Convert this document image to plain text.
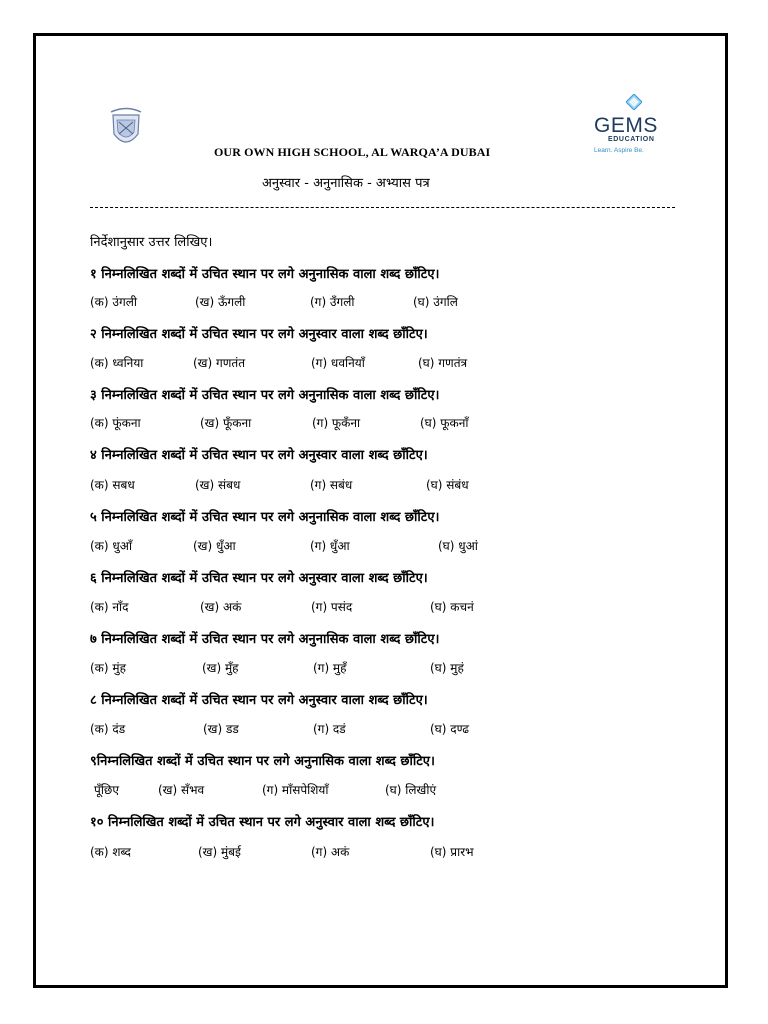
OUR OWN HIGH SCHOOL, AL WARQA’A DUBAI
अनुस्वार - अनुनासिक - अभ्यास पत्र
GEMS
EDUCATION
Learn. Aspire Be.
निर्देशानुसार उत्तर लिखिए।
१ निम्नलिखित शब्दों में उचित स्थान पर लगे अनुनासिक वाला शब्द छाँटिए।
(क) उंगली	(ख) ऊँगली	(ग) उँगली	(घ) उंगलि
२ निम्नलिखित शब्दों में उचित स्थान पर लगे अनुस्वार वाला शब्द छाँटिए।
(क) ध्वनिया	(ख) गणतंत	(ग) धवनियाँ	(घ) गणतंत्र
३ निम्नलिखित शब्दों में उचित स्थान पर लगे अनुनासिक वाला शब्द छाँटिए।
(क) फूंकना	(ख) फूँकना	(ग) फूकँना	(घ) फूकनाँ
४ निम्नलिखित शब्दों में उचित स्थान पर लगे अनुस्वार वाला शब्द छाँटिए।
(क) सबध	(ख) संबध	(ग) सबंध	(घ) संबंध
५ निम्नलिखित शब्दों में उचित स्थान पर लगे अनुनासिक वाला शब्द छाँटिए।
(क) धुआँ	(ख) धुँआ	(ग) धुँआ	(घ) धुआं
६ निम्नलिखित शब्दों में उचित स्थान पर लगे अनुस्वार वाला शब्द छाँटिए।
(क) नाँद	(ख) अकं	(ग) पसंद	(घ) कचनं
७ निम्नलिखित शब्दों में उचित स्थान पर लगे अनुनासिक वाला शब्द छाँटिए।
(क) मुंह	(ख) मुँह	(ग) मुहँ	(घ) मुहं
८ निम्नलिखित शब्दों में उचित स्थान पर लगे अनुस्वार वाला शब्द छाँटिए।
(क) दंड	(ख) डड	(ग) दडं	(घ) दण्ढ
९निम्नलिखित शब्दों में उचित स्थान पर लगे अनुनासिक वाला शब्द छाँटिए।
पूँछिए	(ख) सँभव	(ग) माँसपेशियाँ	(घ) लिखीएं
१० निम्नलिखित शब्दों में उचित स्थान पर लगे अनुस्वार वाला शब्द छाँटिए।
(क) शब्द	(ख) मुंबई	(ग) अकं	(घ) प्रारभ
